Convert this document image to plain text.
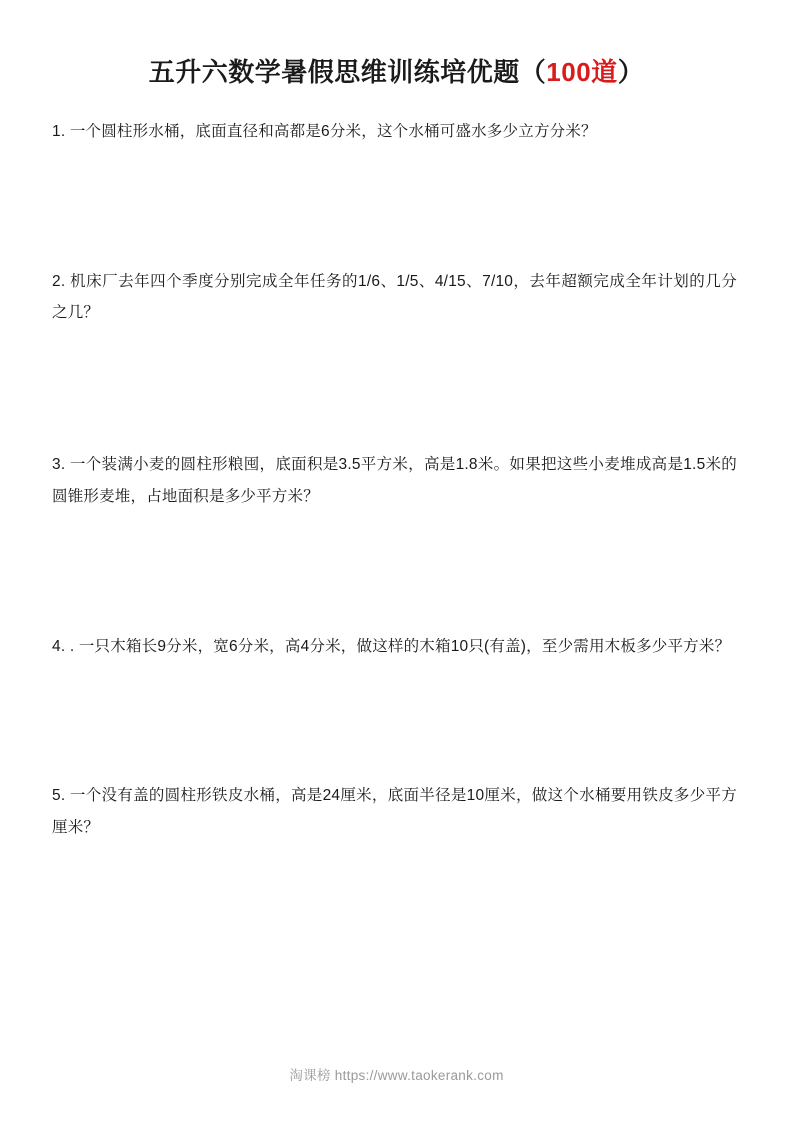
五升六数学暑假思维训练培优题（100道）

1. 一个圆柱形水桶，底面直径和高都是6分米，这个水桶可盛水多少立方分米？

2. 机床厂去年四个季度分别完成全年任务的1/6、1/5、4/15、7/10，去年超额完成全年计划的几分之几？

3. 一个装满小麦的圆柱形粮囤，底面积是3.5平方米，高是1.8米。如果把这些小麦堆成高是1.5米的圆锥形麦堆，占地面积是多少平方米？

4. . 一只木箱长9分米，宽6分米，高4分米，做这样的木箱10只(有盖)，至少需用木板多少平方米？

5. 一个没有盖的圆柱形铁皮水桶，高是24厘米，底面半径是10厘米，做这个水桶要用铁皮多少平方厘米？

淘课榜 https://www.taokerank.com
